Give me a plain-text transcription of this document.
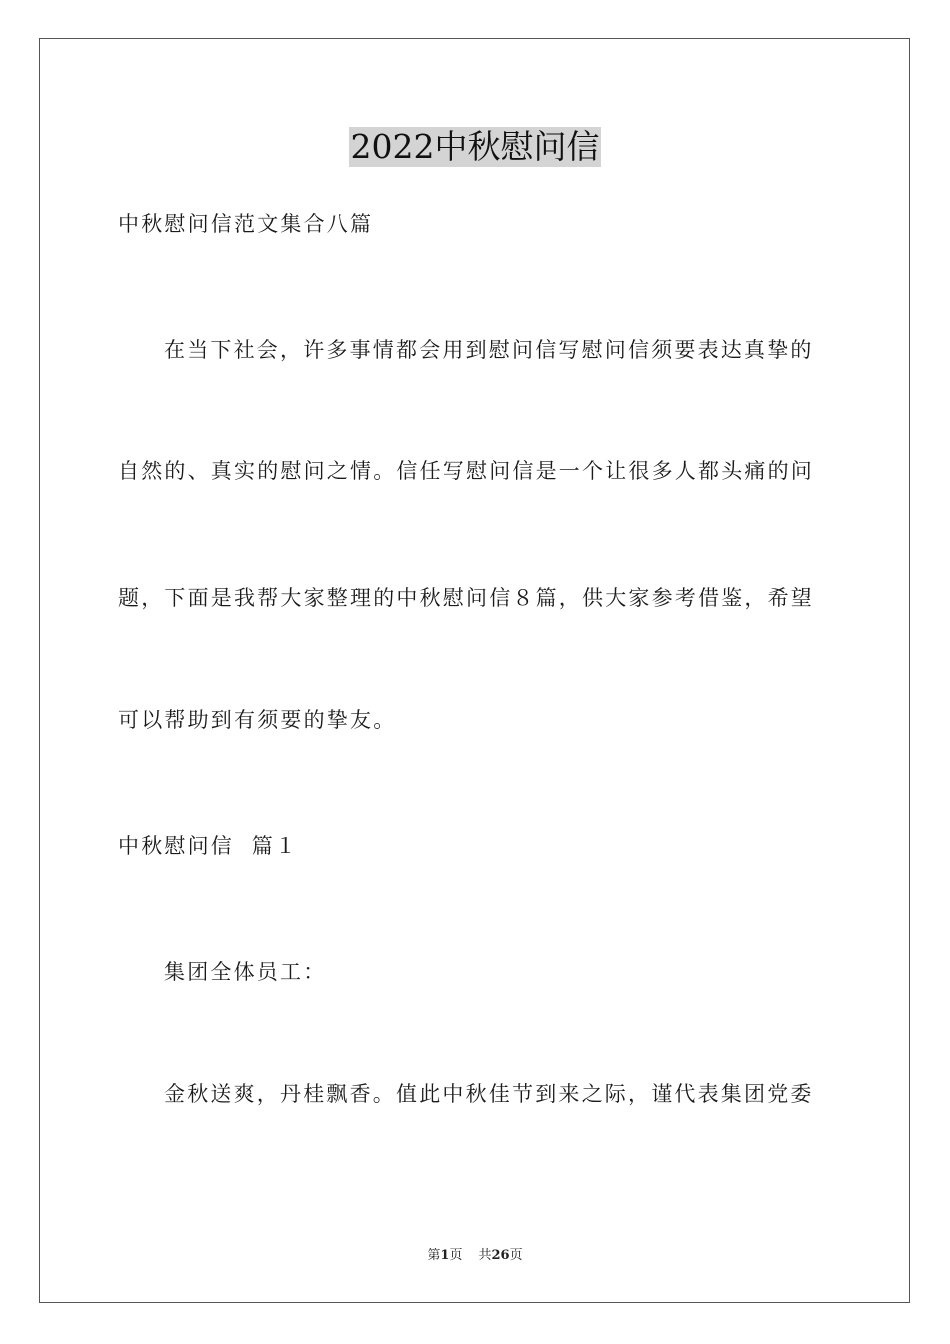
2022中秋慰问信
中秋慰问信范文集合八篇
在当下社会，许多事情都会用到慰问信写慰问信须要表达真挚的
自然的、真实的慰问之情。信任写慰问信是一个让很多人都头痛的问
题，下面是我帮大家整理的中秋慰问信８篇，供大家参考借鉴，希望
可以帮助到有须要的挚友。
中秋慰问信  篇１
集团全体员工：
金秋送爽，丹桂飘香。值此中秋佳节到来之际，谨代表集团党委
第1页 共26页
